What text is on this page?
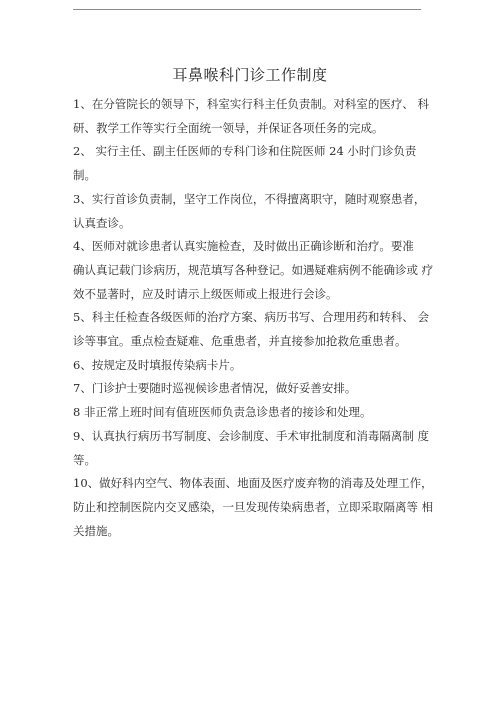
耳鼻喉科门诊工作制度
1、在分管院长的领导下，科室实行科主任负责制。对科室的医疗、 科
研、教学工作等实行全面统一领导，并保证各项任务的完成。
2、 实行主任、副主任医师的专科门诊和住院医师 24 小时门诊负责
制。
3、实行首诊负责制，坚守工作岗位，不得擅离职守，随时观察患者，
认真查诊。
4、医师对就诊患者认真实施检查，及时做出正确诊断和治疗。要准
确认真记载门诊病历，规范填写各种登记。如遇疑难病例不能确诊或 疗
效不显著时，应及时请示上级医师或上报进行会诊。
5、科主任检查各级医师的治疗方案、病历书写、合理用药和转科、 会
诊等事宜。重点检查疑难、危重患者，并直接参加抢救危重患者。
6、按规定及时填报传染病卡片。
7、门诊护士要随时巡视候诊患者情况，做好妥善安排。
8 非正常上班时间有值班医师负责急诊患者的接诊和处理。
9、认真执行病历书写制度、会诊制度、手术审批制度和消毒隔离制 度
等。
10、做好科内空气、物体表面、地面及医疗废弃物的消毒及处理工作，
防止和控制医院内交叉感染，一旦发现传染病患者，立即采取隔离等 相
关措施。
